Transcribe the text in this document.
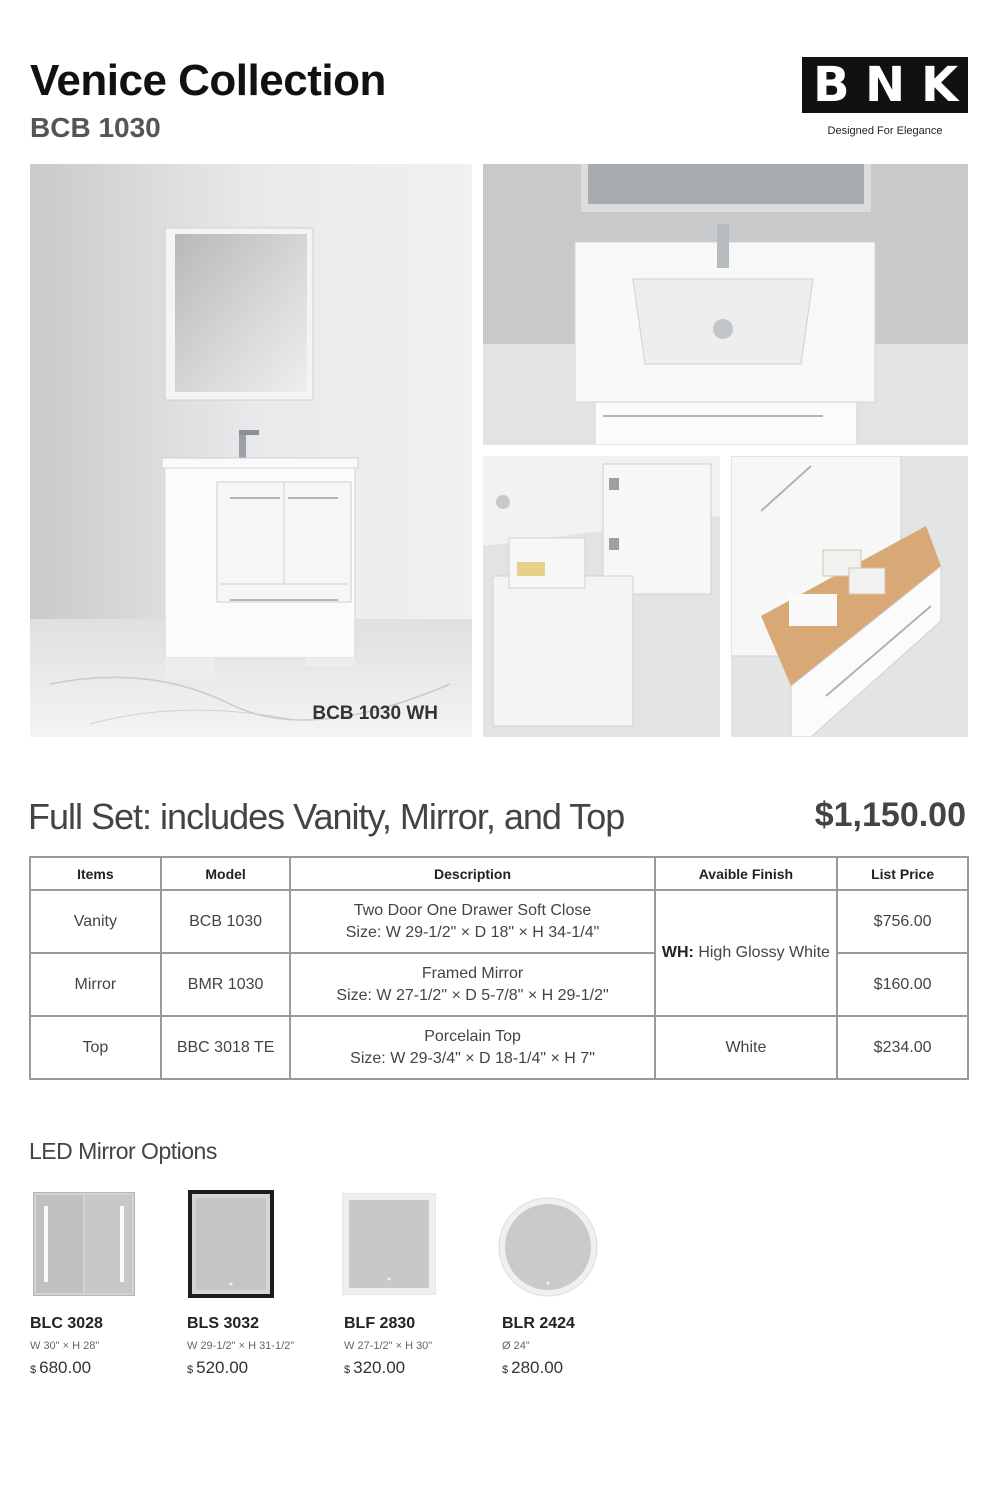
Venice Collection
BCB 1030
B N K
Designed For Elegance
BCB 1030 WH
Full Set: includes Vanity, Mirror, and Top	$1,150.00
Items	Model	Description	Avaible Finish	List Price
Vanity	BCB 1030	Two Door One Drawer Soft Close
Size: W 29-1/2" × D 18" × H 34-1/4"	WH: High Glossy White	$756.00
Mirror	BMR 1030	Framed Mirror
Size: W 27-1/2" × D 5-7/8" × H 29-1/2"		$160.00
Top	BBC 3018 TE	Porcelain Top
Size: W 29-3/4" × D 18-1/4" × H 7"	White	$234.00
LED Mirror Options
BLC 3028
W 30" × H 28"
$ 680.00
BLS 3032
W 29-1/2" × H 31-1/2"
$ 520.00
BLF 2830
W 27-1/2" × H 30"
$ 320.00
BLR 2424
Ø 24"
$ 280.00
